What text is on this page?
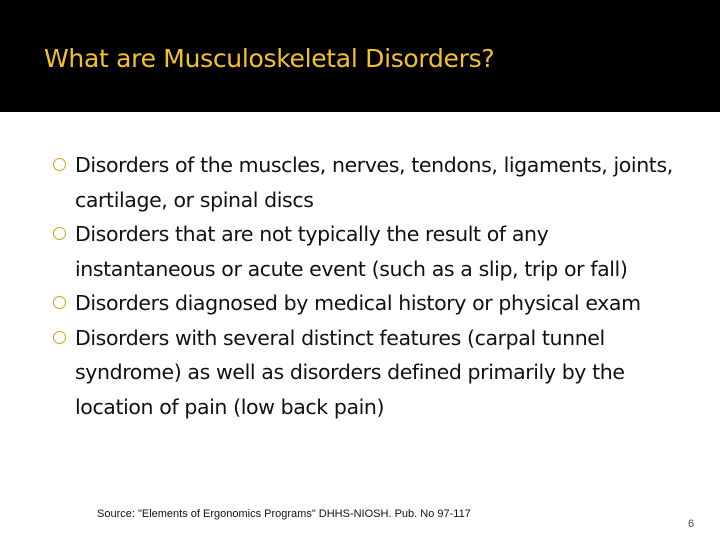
What are Musculoskeletal Disorders?
Disorders of the muscles, nerves, tendons, ligaments, joints, cartilage, or spinal discs
Disorders that are not typically the result of any instantaneous or acute event (such as a slip, trip or fall)
Disorders diagnosed by medical history or physical exam
Disorders with several distinct features (carpal tunnel syndrome) as well as disorders defined primarily by the location of pain (low back pain)
Source: "Elements of Ergonomics Programs" DHHS-NIOSH. Pub. No 97-117
6
